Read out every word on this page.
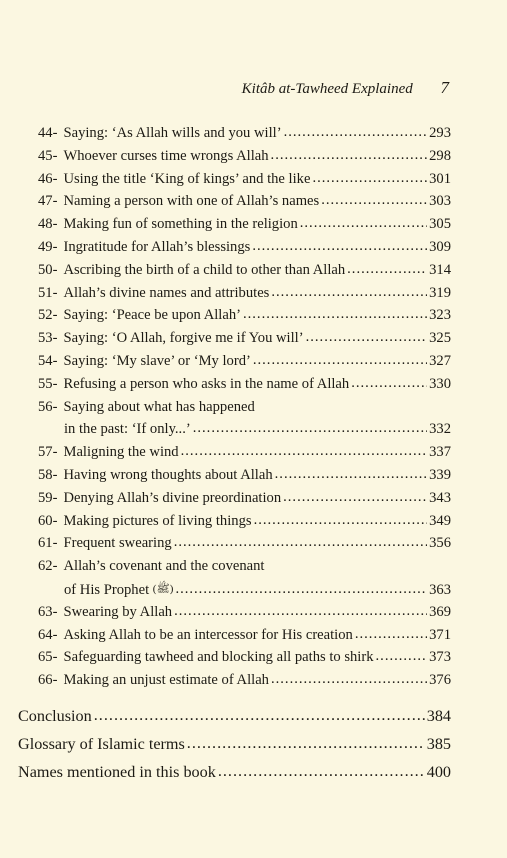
Kitâb at-Tawheed Explained 7
44- Saying: ‘As Allah wills and you will’ .....	293
45- Whoever curses time wrongs Allah .....	298
46- Using the title ‘King of kings’ and the like .....	301
47- Naming a person with one of Allah’s names .....	303
48- Making fun of something in the religion .....	305
49- Ingratitude for Allah’s blessings .....	309
50- Ascribing the birth of a child to other than Allah .....	314
51- Allah’s divine names and attributes .....	319
52- Saying: ‘Peace be upon Allah’ .....	323
53- Saying: ‘O Allah, forgive me if You will’ .....	325
54- Saying: ‘My slave’ or ‘My lord’ .....	327
55- Refusing a person who asks in the name of Allah .....	330
56- Saying about what has happened
in the past: ‘If only...’ .....	332
57- Maligning the wind .....	337
58- Having wrong thoughts about Allah .....	339
59- Denying Allah’s divine preordination .....	343
60- Making pictures of living things .....	349
61- Frequent swearing .....	356
62- Allah’s covenant and the covenant
of His Prophet (ﷺ) .....	363
63- Swearing by Allah .....	369
64- Asking Allah to be an intercessor for His creation .....	371
65- Safeguarding tawheed and blocking all paths to shirk .....	373
66- Making an unjust estimate of Allah .....	376
Conclusion .....	384
Glossary of Islamic terms .....	385
Names mentioned in this book .....	400
